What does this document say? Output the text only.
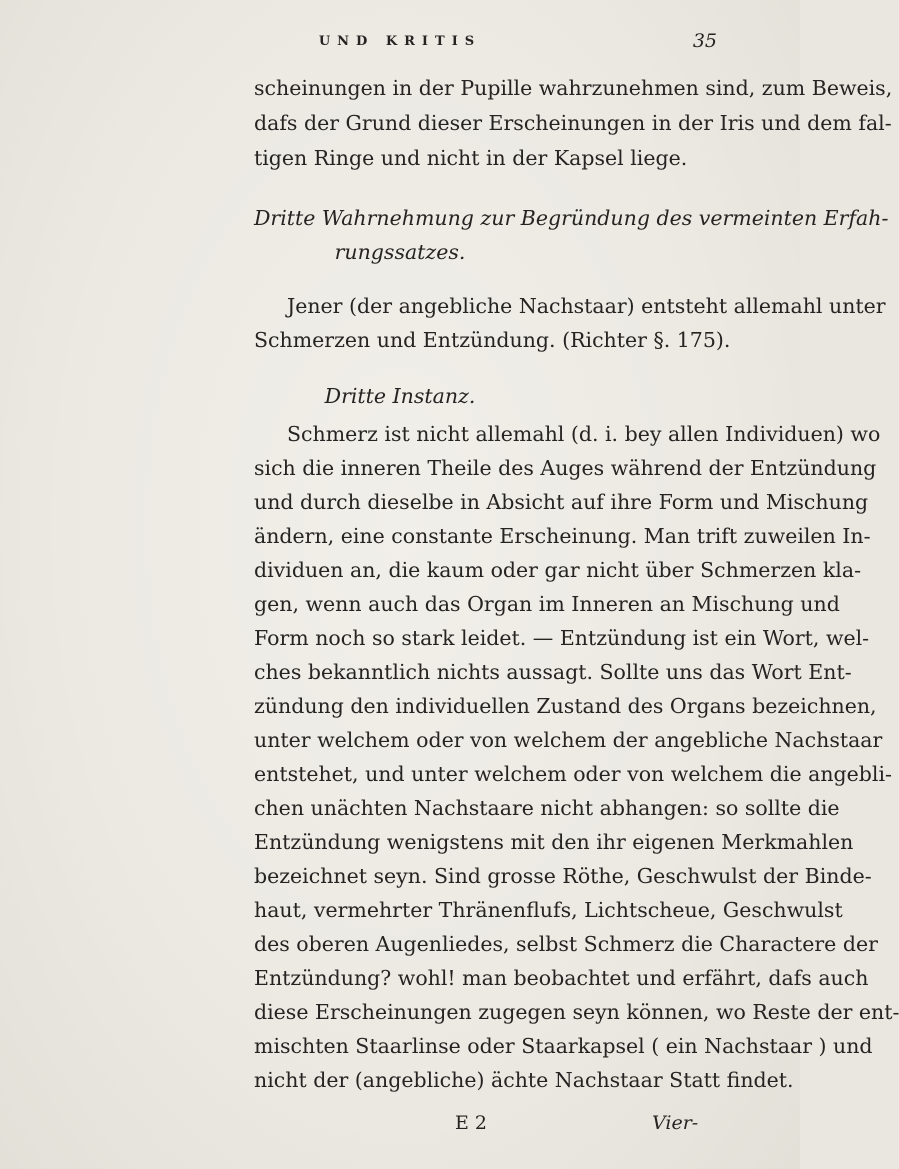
UND KRITIS	35
scheinungen in der Pupille wahrzunehmen sind, zum Beweis,
dafs der Grund dieser Erscheinungen in der Iris und dem fal-
tigen Ringe und nicht in der Kapsel liege.
Dritte Wahrnehmung zur Begründung des vermeinten Erfah-
rungssatzes.
Jener (der angebliche Nachstaar) entsteht allemahl unter
Schmerzen und Entzündung. (Richter §. 175).
Dritte Instanz.
Schmerz ist nicht allemahl (d. i. bey allen Individuen) wo
sich die inneren Theile des Auges während der Entzündung
und durch dieselbe in Absicht auf ihre Form und Mischung
ändern, eine constante Erscheinung. Man trift zuweilen In-
dividuen an, die kaum oder gar nicht über Schmerzen kla-
gen, wenn auch das Organ im Inneren an Mischung und
Form noch so stark leidet. — Entzündung ist ein Wort, wel-
ches bekanntlich nichts aussagt. Sollte uns das Wort Ent-
zündung den individuellen Zustand des Organs bezeichnen,
unter welchem oder von welchem der angebliche Nachstaar
entstehet, und unter welchem oder von welchem die angebli-
chen unächten Nachstaare nicht abhangen: so sollte die
Entzündung wenigstens mit den ihr eigenen Merkmahlen
bezeichnet seyn. Sind grosse Röthe, Geschwulst der Binde-
haut, vermehrter Thränenflufs, Lichtscheue, Geschwulst
des oberen Augenliedes, selbst Schmerz die Charactere der
Entzündung? wohl! man beobachtet und erfährt, dafs auch
diese Erscheinungen zugegen seyn können, wo Reste der ent-
mischten Staarlinse oder Staarkapsel ( ein Nachstaar ) und
nicht der (angebliche) ächte Nachstaar Statt findet.
E 2	Vier-
